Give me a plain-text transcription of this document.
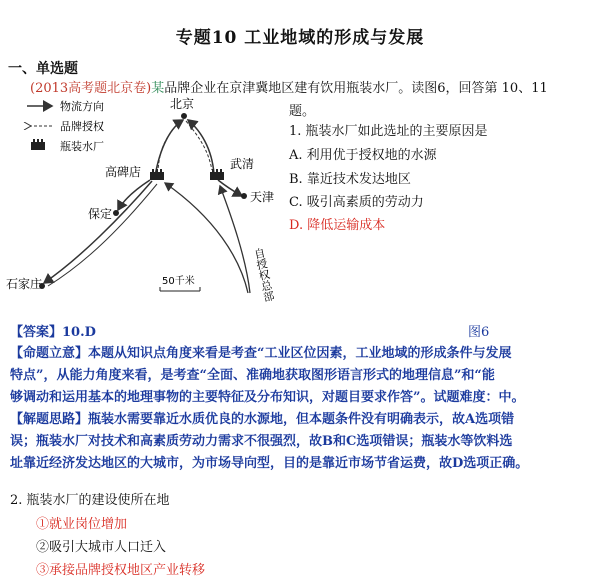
专题10 工业地域的形成与发展
一、单选题
(2013高考题北京卷)某品牌企业在京津冀地区建有饮用瓶装水厂。读图6，回答第 10、11
题。
1. 瓶装水厂如此选址的主要原因是
A. 利用优于授权地的水源
B. 靠近技术发达地区
C. 吸引高素质的劳动力
D. 降低运输成本
物流方向
品牌授权
瓶装水厂
北京
高碑店
武清
天津
保定
石家庄	自授权总部
50千米
【答案】10.D	图6
【命题立意】本题从知识点角度来看是考查“工业区位因素，工业地域的形成条件与发展
特点”，从能力角度来看，是考查“全面、准确地获取图形语言形式的地理信息”和“能
够调动和运用基本的地理事物的主要特征及分布知识，对题目要求作答”。试题难度：中。
【解题思路】瓶装水需要靠近水质优良的水源地，但本题条件没有明确表示，故A选项错
误；瓶装水厂对技术和高素质劳动力需求不很强烈，故B和C选项错误；瓶装水等饮料选
址靠近经济发达地区的大城市，为市场导向型，目的是靠近市场节省运费，故D选项正确。
2. 瓶装水厂的建设使所在地
①就业岗位增加
②吸引大城市人口迁入
③承接品牌授权地区产业转移
